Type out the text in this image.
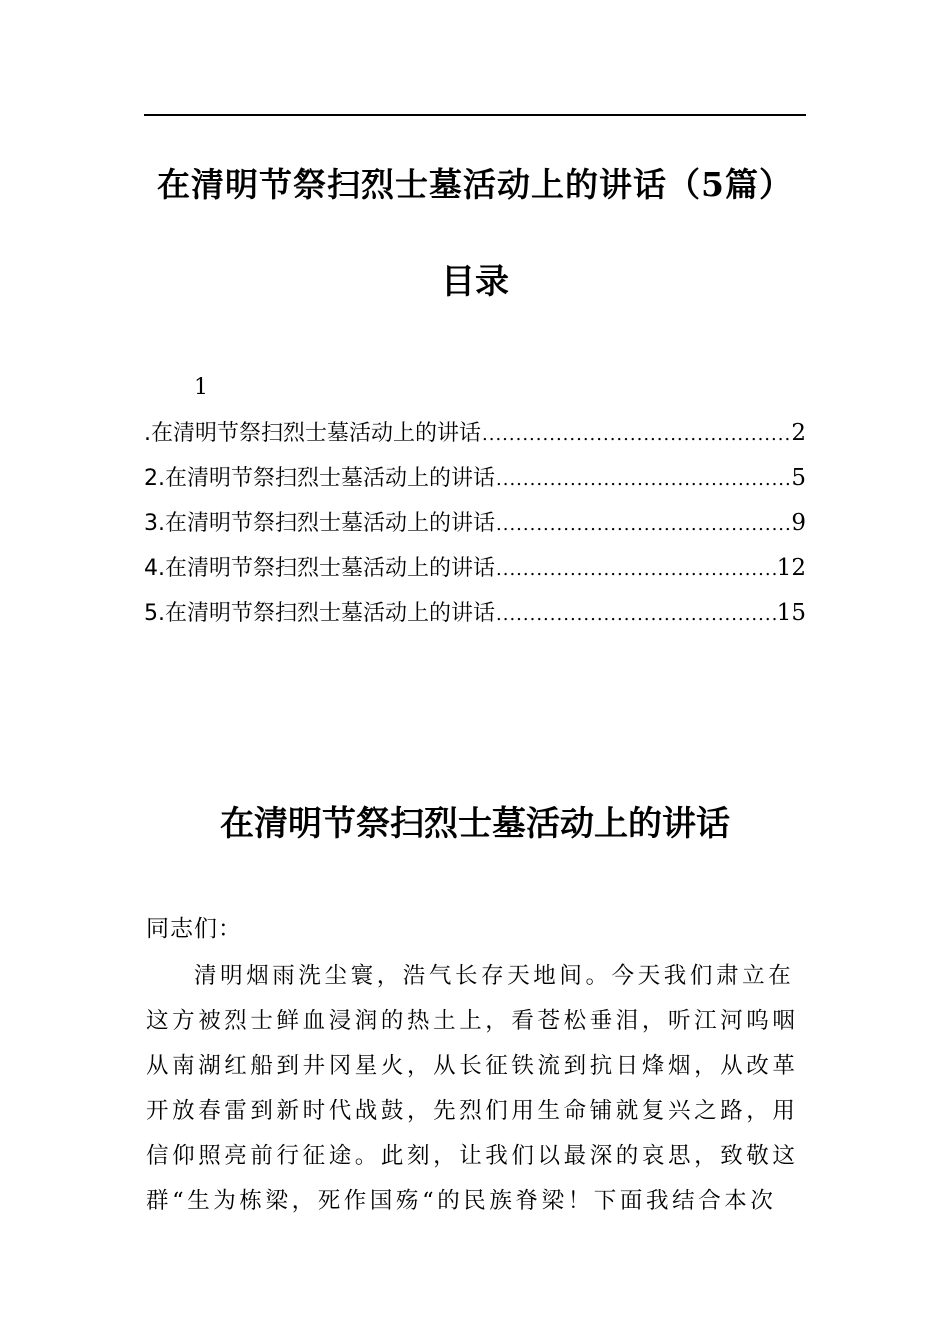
在清明节祭扫烈士墓活动上的讲话（5篇）
目录
1
.在清明节祭扫烈士墓活动上的讲话 .....	2
2.在清明节祭扫烈士墓活动上的讲话 .....	5
3.在清明节祭扫烈士墓活动上的讲话 .....	9
4.在清明节祭扫烈士墓活动上的讲话 .....	12
5.在清明节祭扫烈士墓活动上的讲话 .....	15
在清明节祭扫烈士墓活动上的讲话
同志们：
清明烟雨洗尘寰，浩气长存天地间。今天我们肃立在
这方被烈士鲜血浸润的热土上，看苍松垂泪，听江河呜咽
从南湖红船到井冈星火，从长征铁流到抗日烽烟，从改革
开放春雷到新时代战鼓，先烈们用生命铺就复兴之路，用
信仰照亮前行征途。此刻，让我们以最深的哀思，致敬这
群“生为栋梁，死作国殇“的民族脊梁！下面我结合本次
